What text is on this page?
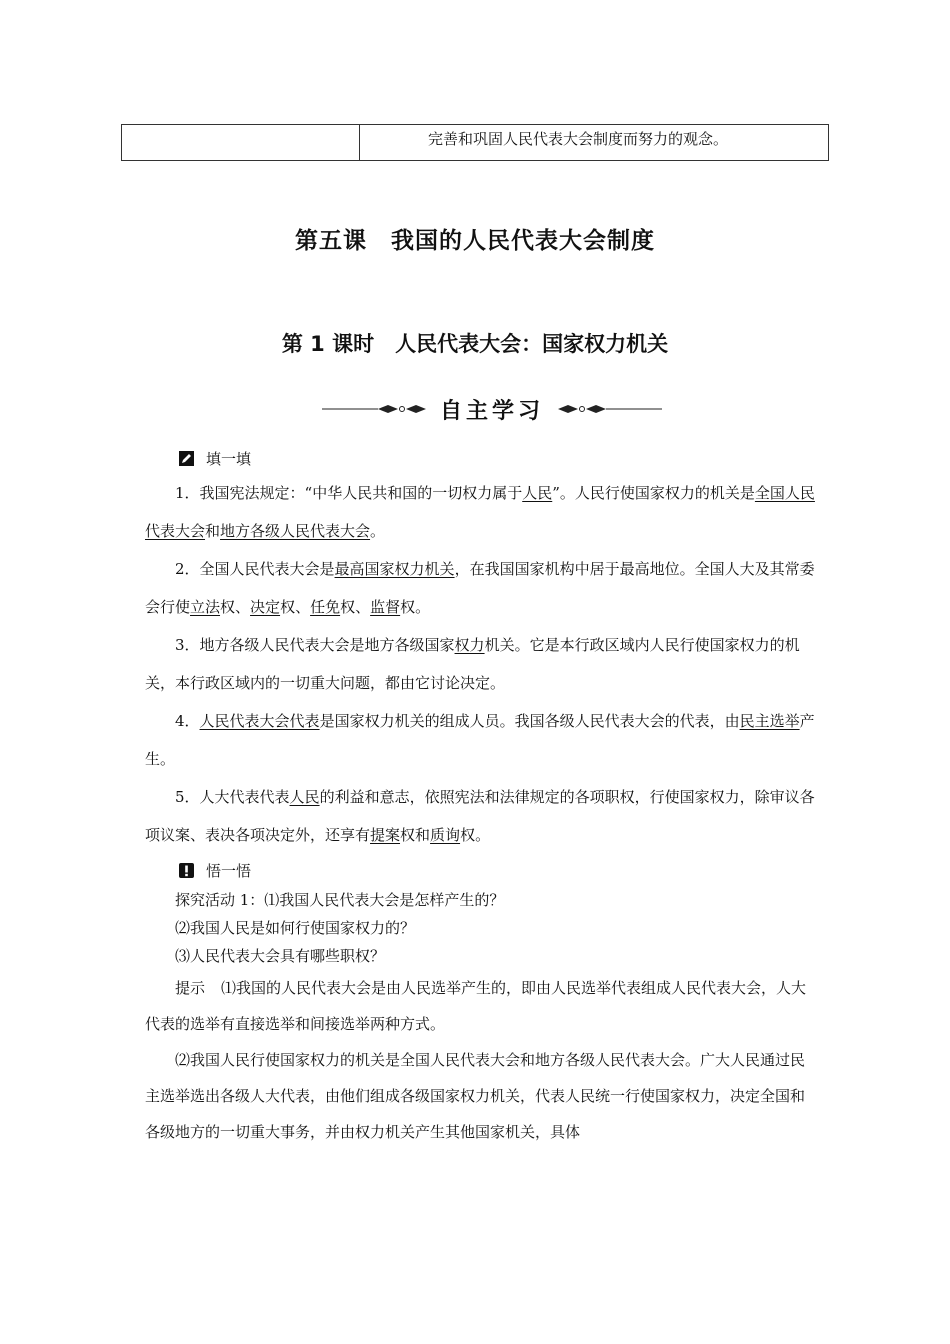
完善和巩固人民代表大会制度而努力的观念。
第五课　我国的人民代表大会制度
第 1 课时　人民代表大会：国家权力机关
自主学习
填一填

1．我国宪法规定：“中华人民共和国的一切权力属于人民”。人民行使国家权力的机关是全国人民代表大会和地方各级人民代表大会。

2．全国人民代表大会是最高国家权力机关，在我国国家机构中居于最高地位。全国人大及其常委会行使立法权、决定权、任免权、监督权。

3．地方各级人民代表大会是地方各级国家权力机关。它是本行政区域内人民行使国家权力的机关，本行政区域内的一切重大问题，都由它讨论决定。

4．人民代表大会代表是国家权力机关的组成人员。我国各级人民代表大会的代表，由民主选举产生。

5．人大代表代表人民的利益和意志，依照宪法和法律规定的各项职权，行使国家权力，除审议各项议案、表决各项决定外，还享有提案权和质询权。

悟一悟

探究活动 1：⑴我国人民代表大会是怎样产生的？

⑵我国人民是如何行使国家权力的？

⑶人民代表大会具有哪些职权？

提示 ⑴我国的人民代表大会是由人民选举产生的，即由人民选举代表组成人民代表大会，人大代表的选举有直接选举和间接选举两种方式。

⑵我国人民行使国家权力的机关是全国人民代表大会和地方各级人民代表大会。广大人民通过民主选举选出各级人大代表，由他们组成各级国家权力机关，代表人民统一行使国家权力，决定全国和各级地方的一切重大事务，并由权力机关产生其他国家机关，具体
